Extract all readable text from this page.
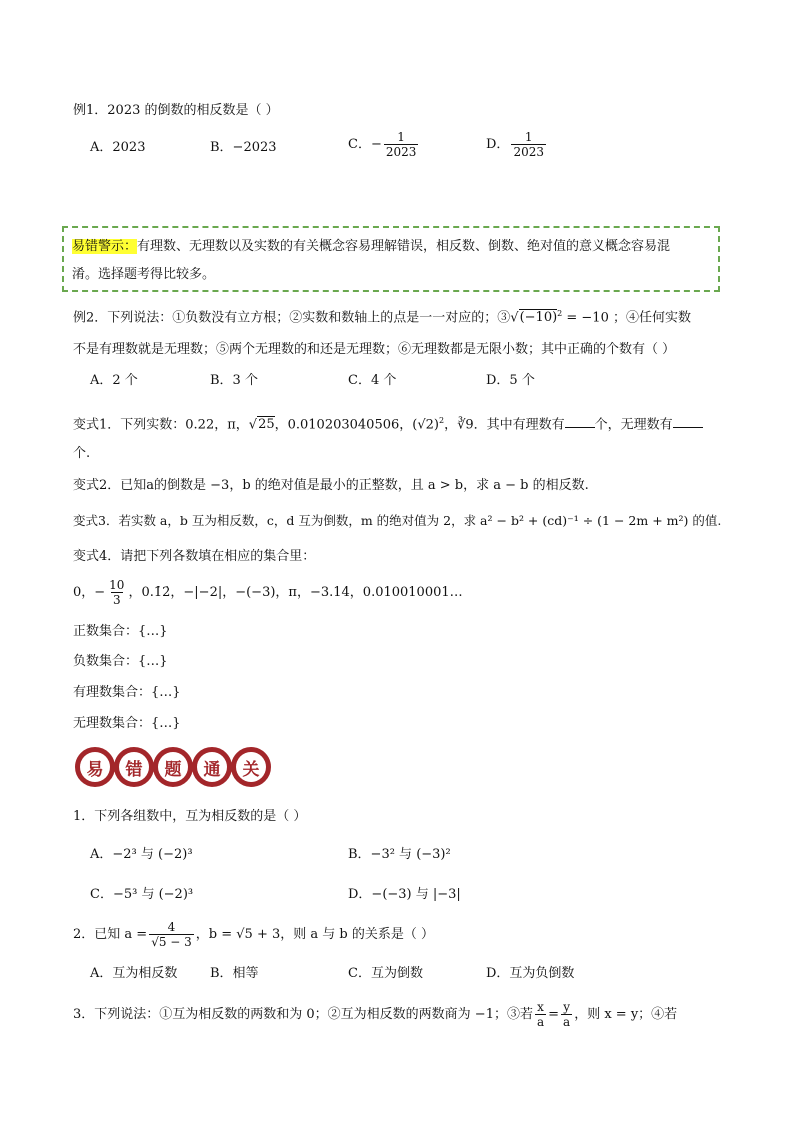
例1．2023 的倒数的相反数是（ ）
A．2023	B．−2023	C．− $\frac{1}{2023}$	D． $\frac{1}{2023}$
易错警示：有理数、无理数以及实数的有关概念容易理解错误，相反数、倒数、绝对值的意义概念容易混
淆。选择题考得比较多。
例2．下列说法：①负数没有立方根；②实数和数轴上的点是一一对应的；$③√(-10)^2 = -10$ ；④任何实数
不是有理数就是无理数；⑤两个无理数的和还是无理数；⑥无理数都是无限小数；其中正确的个数有（ ）
A．2 个	B．3 个	C．4 个	D．5 个
变式1．下列实数：0.22，π，√25，0.010203040506，$(√2)^2$，∛9．其中有理数有 个，无理数有
个.
变式2．已知a的倒数是 −3，b 的绝对值是最小的正整数，且 a > b，求 a − b 的相反数.
变式3．若实数 a，b 互为相反数，c，d 互为倒数，m 的绝对值为 2，求 a² − b² + (cd)⁻¹ ÷ (1 − 2m + m²) 的值.
变式4．请把下列各数填在相应的集合里：
0，− $\frac{10}{3}$ ，0.1̇2̇，−|−2|，−(−3)，π，−3.14，0.010010001…
正数集合：{…}
负数集合：{…}
有理数集合：{…}
无理数集合：{…}
易	错	题	通	关
1．下列各组数中，互为相反数的是（ ）
A．−2³ 与 (−2)³	B．−3² 与 (−3)²
C．−5³ 与 (−2)³	D．−(−3) 与 |−3|
2．已知 $a = \frac{4}{√5 - 3}$ ，b = √5 + 3，则 a 与 b 的关系是（ ）
A．互为相反数	B．相等	C．互为倒数	D．互为负倒数
3．下列说法：①互为相反数的两数和为 0；②互为相反数的两数商为 −1；③若 $\frac{x}{a} = \frac{y}{a}$ ，则 x = y；④若
